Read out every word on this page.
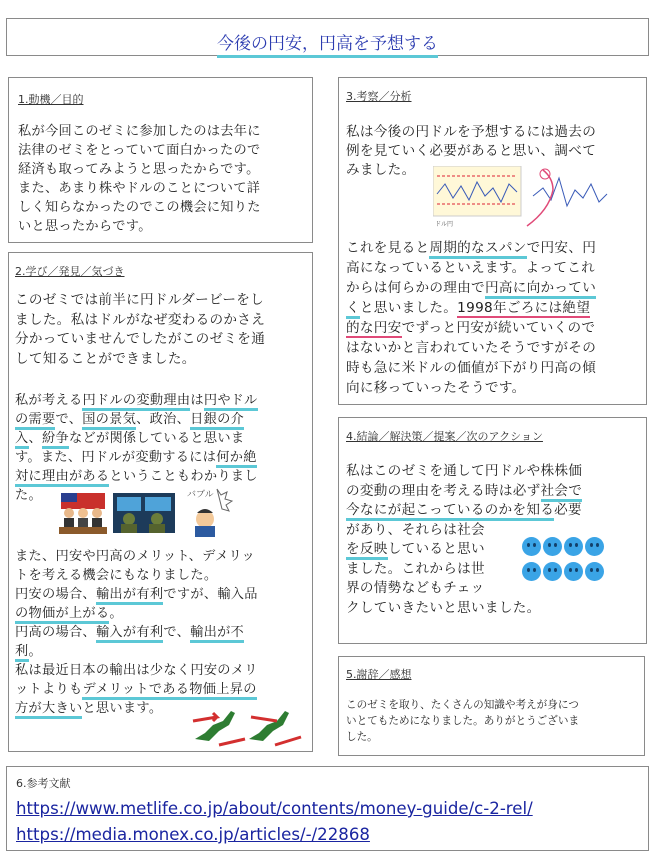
今後の円安，円高を予想する
1.動機／目的
私が今回このゼミに参加したのは去年に
法律のゼミをとっていて面白かったので
経済も取ってみようと思ったからです。
また、あまり株やドルのことについて詳
しく知らなかったのでこの機会に知りた
いと思ったからです。
2.学び／発見／気づき
このゼミでは前半に円ドルダービーをし
ました。私はドルがなぜ変わるのかさえ
分かっていませんでしたがこのゼミを通
して知ることができました。
私が考える円ドルの変動理由は円やドル
の需要で、国の景気、政治、日銀の介
入、紛争などが関係していると思いま
す。また、円ドルが変動するには何か絶
対に理由があるということもわかりまし
た。	バブル
また、円安や円高のメリット、デメリッ
トを考える機会にもなりました。
円安の場合、輸出が有利ですが、輸入品
の物価が上がる。
円高の場合、輸入が有利で、輸出が不
利。
私は最近日本の輸出は少なく円安のメリ
ットよりもデメリットである物価上昇の
方が大きいと思います。
3.考察／分析
私は今後の円ドルを予想するには過去の
例を見ていく必要があると思い、調べて
みました。
ドル円
これを見ると周期的なスパンで円安、円
高になっているといえます。よってこれ
からは何らかの理由で円高に向かってい
くと思いました。1998年ごろには絶望
的な円安でずっと円安が続いていくので
はないかと言われていたそうですがその
時も急に米ドルの価値が下がり円高の傾
向に移っていったそうです。
4.結論／解決策／提案／次のアクション
私はこのゼミを通して円ドルや株株価
の変動の理由を考える時は必ず社会で
今なにが起こっているのかを知る必要
があり、それらは社会
を反映していると思い
ました。これからは世
界の情勢などもチェッ
クしていきたいと思いました。

5.謝辞／感想
このゼミを取り、たくさんの知識や考えが身につ
いとてもためになりました。ありがとうございま
した。
6.参考文献
https://www.metlife.co.jp/about/contents/money-guide/c-2-rel/
https://media.monex.co.jp/articles/-/22868
